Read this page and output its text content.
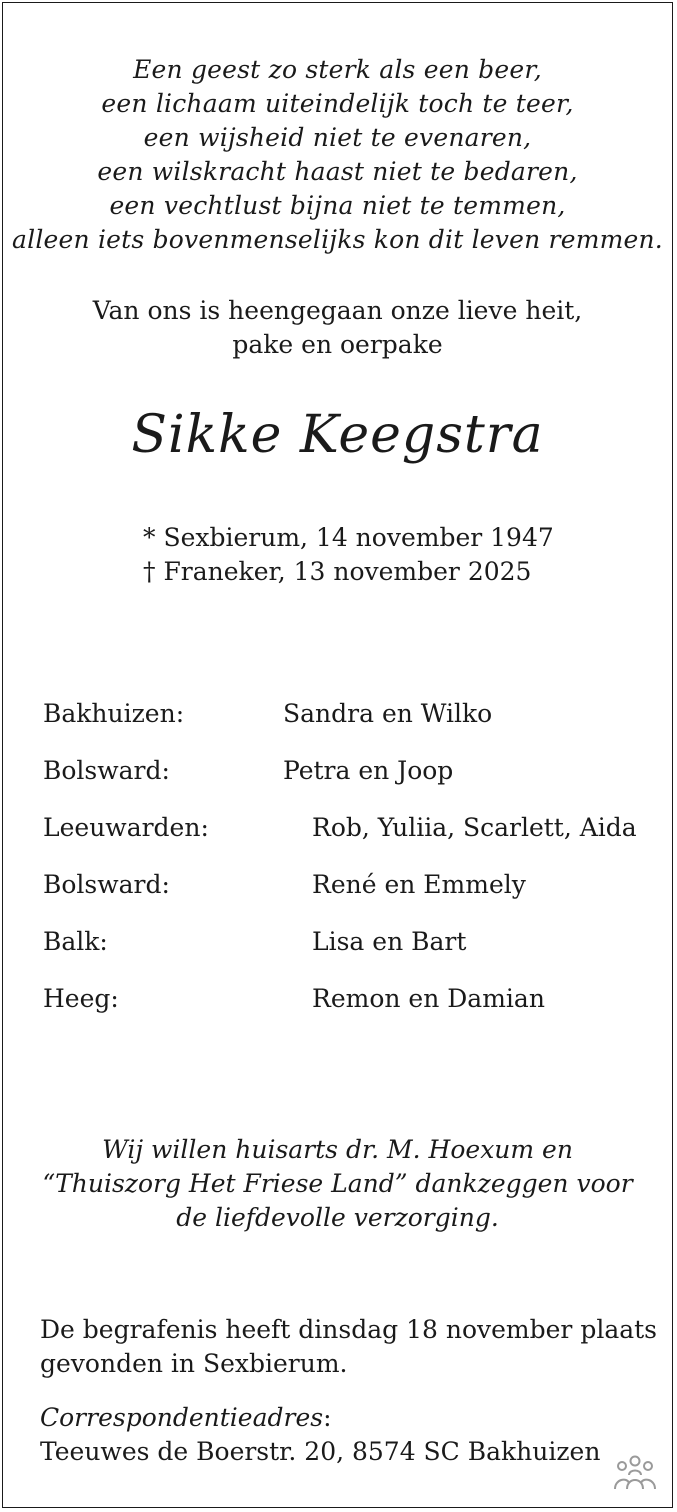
Een geest zo sterk als een beer,
een lichaam uiteindelijk toch te teer,
een wijsheid niet te evenaren,
een wilskracht haast niet te bedaren,
een vechtlust bijna niet te temmen,
alleen iets bovenmenselijks kon dit leven remmen.
Van ons is heengegaan onze lieve heit,
pake en oerpake
Sikke Keegstra
* Sexbierum, 14 november 1947
† Franeker, 13 november 2025
Bakhuizen:	Sandra en Wilko
Bolsward:	Petra en Joop
Leeuwarden:	Rob, Yuliia, Scarlett, Aida
Bolsward:	René en Emmely
Balk:	Lisa en Bart
Heeg:	Remon en Damian
Wij willen huisarts dr. M. Hoexum en
“Thuiszorg Het Friese Land” dankzeggen voor
de liefdevolle verzorging.
De begrafenis heeft dinsdag 18 november plaats
gevonden in Sexbierum.
Correspondentieadres:
Teeuwes de Boerstr. 20, 8574 SC Bakhuizen
